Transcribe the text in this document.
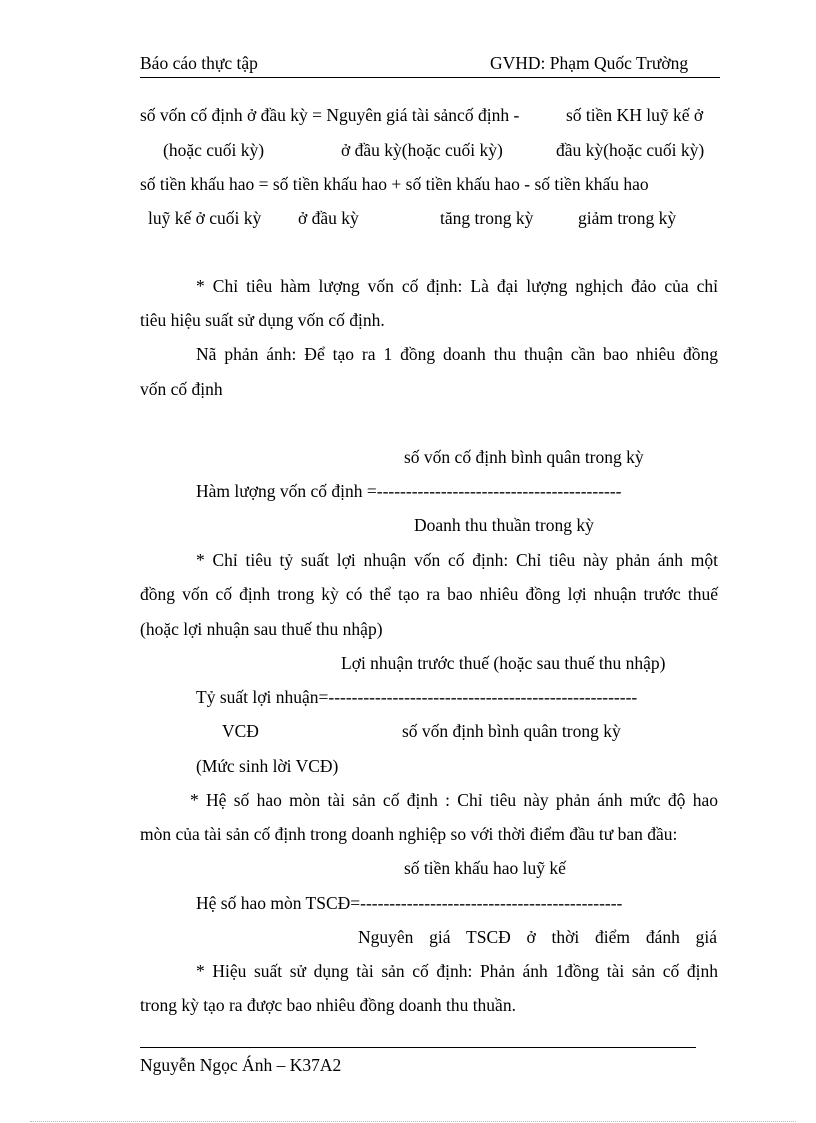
Báo cáo thực tập	GVHD: Phạm Quốc Trường
số vốn cố định ở đầu kỳ = Nguyên giá tài sảncố định -	số tiền KH luỹ kế ở
(hoặc cuối kỳ)	ở đầu kỳ(hoặc cuối kỳ)	đầu kỳ(hoặc cuối kỳ)
số tiền khấu hao = số tiền khấu hao + số tiền khấu hao - số tiền khấu hao
luỹ kế ở cuối kỳ ở đầu kỳ	tăng trong kỳ	giảm trong kỳ
* Chỉ tiêu hàm lượng vốn cố định: Là đại lượng nghịch đảo của chỉ
tiêu hiệu suất sử dụng vốn cố định.
Nã phản ánh: Để tạo ra 1 đồng doanh thu thuận cần bao nhiêu đồng
vốn cố định
số vốn cố định bình quân trong kỳ
Hàm lượng vốn cố định =------------------------------------------
Doanh thu thuần trong kỳ
* Chỉ tiêu tỷ suất lợi nhuận vốn cố định: Chỉ tiêu này phản ánh một
đồng vốn cố định trong kỳ có thể tạo ra bao nhiêu đồng lợi nhuận trước thuế
(hoặc lợi nhuận sau thuế thu nhập)
Lợi nhuận trước thuế (hoặc sau thuế thu nhập)
Tỷ suất lợi nhuận=-----------------------------------------------------
VCĐ	số vốn định bình quân trong kỳ
(Mức sinh lời VCĐ)
* Hệ số hao mòn tài sản cố định : Chỉ tiêu này phản ánh mức độ hao
mòn của tài sản cố định trong doanh nghiệp so với thời điểm đầu tư ban đầu:
số tiền khấu hao luỹ kế
Hệ số hao mòn TSCĐ=---------------------------------------------
Nguyên giá TSCĐ ở thời điểm đánh giá
* Hiệu suất sử dụng tài sản cố định: Phản ánh 1đồng tài sản cố định
trong kỳ tạo ra được bao nhiêu đồng doanh thu thuần.
Nguyễn Ngọc Ánh – K37A2
